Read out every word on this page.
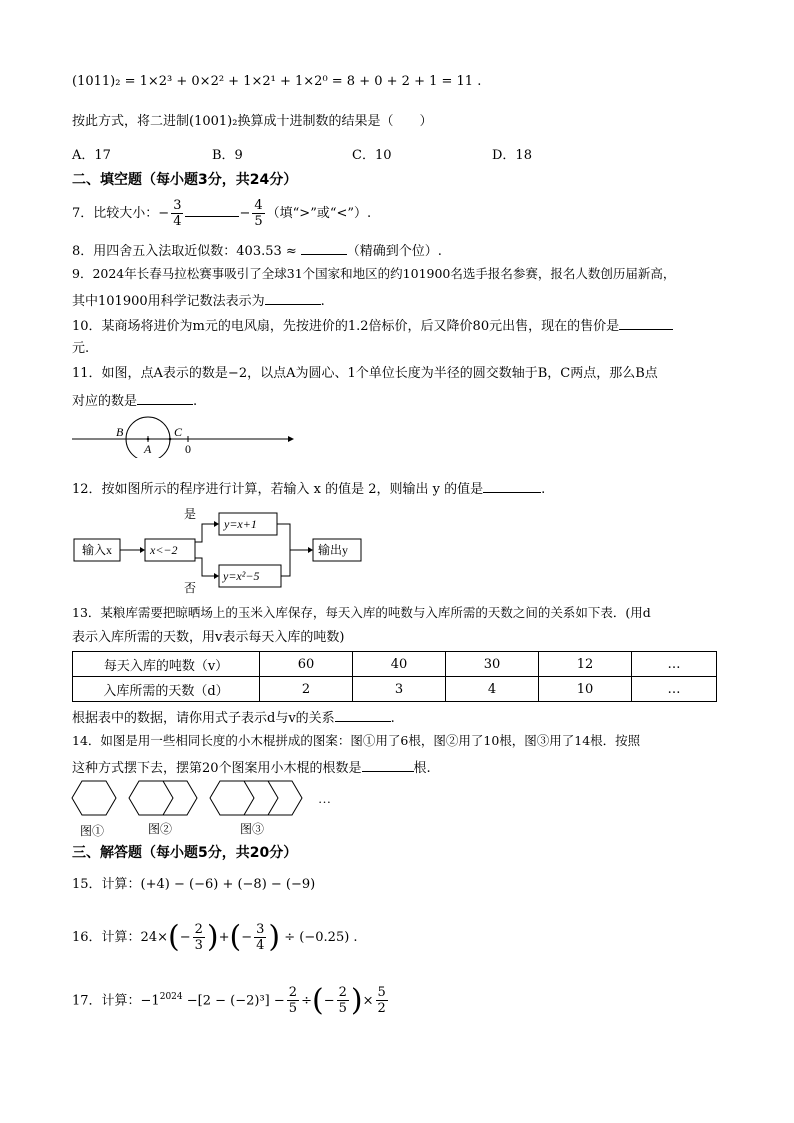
(1011)₂ = 1×2³ + 0×2² + 1×2¹ + 1×2⁰ = 8 + 0 + 2 + 1 = 11 .
按此方式，将二进制(1001)₂换算成十进制数的结果是（　　）
A．17	B．9	C．10	D．18
二、填空题（每小题3分，共24分）
7．比较大小：− $\frac{3}{4}$	− $\frac{4}{5}$ （填“>”或“<”）.
8．用四舍五入法取近似数：403.53 ≈	（精确到个位）.
9．2024年长春马拉松赛事吸引了全球31个国家和地区的约101900名选手报名参赛，报名人数创历届新高，
其中101900用科学记数法表示为	.
10．某商场将进价为m元的电风扇，先按进价的1.2倍标价，后又降价80元出售，现在的售价是
元.
11．如图，点A表示的数是−2，以点A为圆心、1个单位长度为半径的圆交数轴于B，C两点，那么B点
对应的数是	.
B
A
C
0
12．按如图所示的程序进行计算，若输入 x 的值是 2，则输出 y 的值是	.
输入x	x<−2
是
y=x+1
否
y=x²−5
输出y
13．某粮库需要把晾晒场上的玉米入库保存，每天入库的吨数与入库所需的天数之间的关系如下表．(用d
表示入库所需的天数，用v表示每天入库的吨数)
每天入库的吨数（v）	60	40	30	12	…
入库所需的天数（d）	2	3	4	10	…
根据表中的数据，请你用式子表示d与v的关系	.
14．如图是用一些相同长度的小木棍拼成的图案：图①用了6根，图②用了10根，图③用了14根．按照
这种方式摆下去，摆第20个图案用小木棍的根数是	根.
…
图①	图②	图③
三、解答题（每小题5分，共20分）
15．计算：(+4) − (−6) + (−8) − (−9)
16．计算：$24\times(- \frac{2}{3}$ )+(− $\frac{3}{4}$ ) ÷ (−0.25) .
17．计算：$-1^{2024} -[2 - (-2)^3] - \frac{2}{5}$ ÷(− $\frac{2}{5}$ )× $\frac{5}{2}$
